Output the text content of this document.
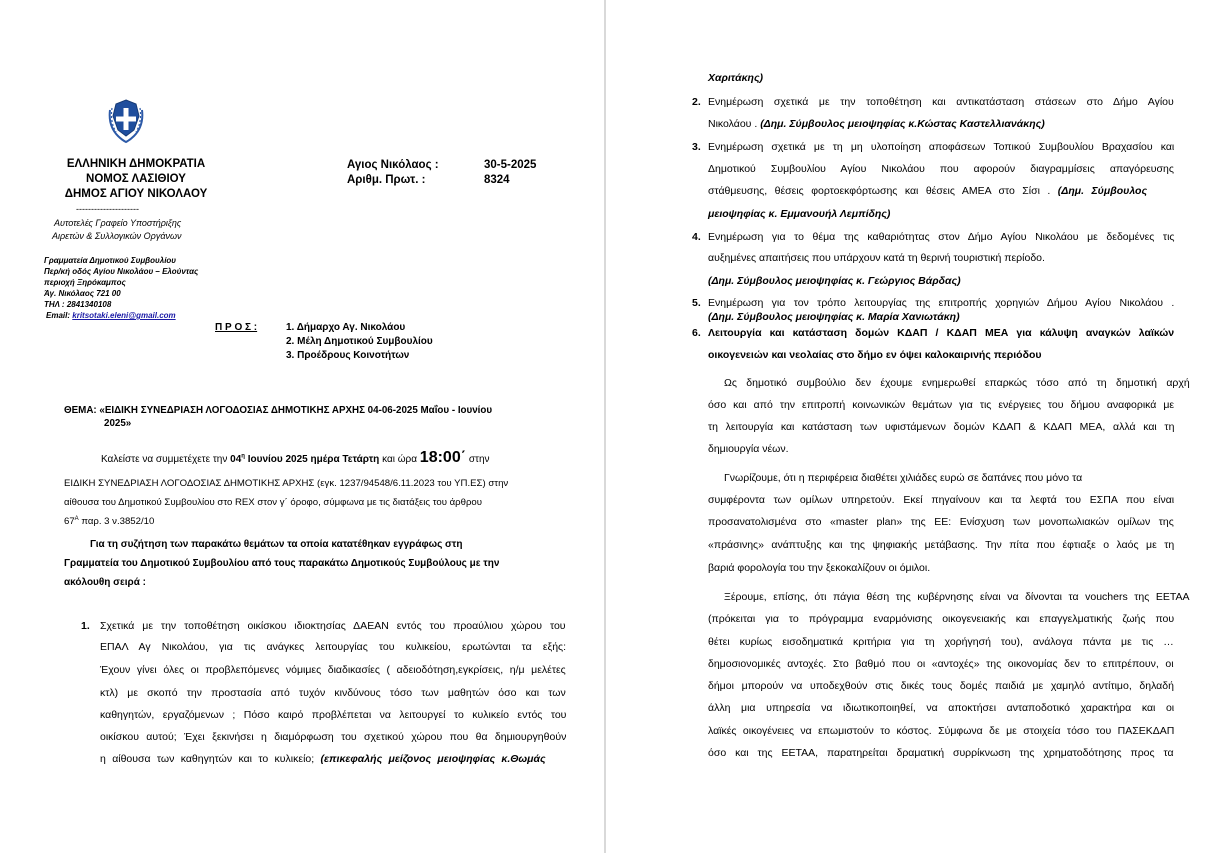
ΕΛΛΗΝΙΚΗ ΔΗΜΟΚΡΑΤΙΑ
ΝΟΜΟΣ ΛΑΣΙΘΙΟΥ
ΔΗΜΟΣ ΑΓΙΟΥ ΝΙΚΟΛΑΟΥ
---------------------
Αυτοτελές Γραφείο Υποστήριξης
Αιρετών & Συλλογικών Οργάνων
Αγιος Νικόλαος :	30-5-2025
Αριθμ. Πρωτ. :	8324
Γραμματεία Δημοτικού Συμβουλίου
Περ/κή οδός Αγίου Νικολάου – Ελούντας
περιοχή Ξηρόκαμπος
Άγ. Νικόλαος 721 00
ΤΗΛ : 2841340108
Email: kritsotaki.eleni@gmail.com
Π Ρ Ο Σ :	1. Δήμαρχο Αγ. Νικολάου
2. Μέλη Δημοτικού Συμβουλίου
3. Προέδρους Κοινοτήτων
ΘΕΜΑ: «ΕΙΔΙΚΗ ΣΥΝΕΔΡΙΑΣΗ ΛΟΓΟΔΟΣΙΑΣ ΔΗΜΟΤΙΚΗΣ ΑΡΧΗΣ 04-06-2025 Μαΐου - Ιουνίου
2025»
Καλείστε να συμμετέχετε την $04^\eta$ Ιουνίου 2025 ημέρα Τετάρτη και ώρα 18:00΄ στην
ΕΙΔΙΚΗ ΣΥΝΕΔΡΙΑΣΗ ΛΟΓΟΔΟΣΙΑΣ ΔΗΜΟΤΙΚΗΣ ΑΡΧΗΣ (εγκ. 1237/94548/6.11.2023 του ΥΠ.ΕΣ) στην
αίθουσα του Δημοτικού Συμβουλίου στο REX στον γ΄ όροφο, σύμφωνα με τις διατάξεις του άρθρου
$67^A$ παρ. 3 ν.3852/10
Για τη συζήτηση των παρακάτω θεμάτων τα οποία κατατέθηκαν εγγράφως στη
Γραμματεία του Δημοτικού Συμβουλίου από τους παρακάτω Δημοτικούς Συμβούλους με την
ακόλουθη σειρά :
1. Σχετικά με την τοποθέτηση οικίσκου ιδιοκτησίας ΔΑΕΑΝ εντός του προαύλιου χώρου του
ΕΠΑΛ Αγ Νικολάου, για τις ανάγκες λειτουργίας του κυλικείου, ερωτώνται τα εξής:
Έχουν γίνει όλες οι προβλεπόμενες νόμιμες διαδικασίες ( αδειοδότηση,εγκρίσεις, η/μ μελέτες
κτλ) με σκοπό την προστασία από τυχόν κινδύνους τόσο των μαθητών όσο και των
καθηγητών, εργαζόμενων ; Πόσο καιρό προβλέπεται να λειτουργεί το κυλικείο εντός του
οικίσκου αυτού; Έχει ξεκινήσει η διαμόρφωση του σχετικού χώρου που θα δημιουργηθούν
η αίθουσα των καθηγητών και το κυλικείο; (επικεφαλής μείζονος μειοψηφίας κ.Θωμάς
Χαριτάκης)
2. Ενημέρωση σχετικά με την τοποθέτηση και αντικατάσταση στάσεων στο Δήμο Αγίου
Νικολάου . (Δημ. Σύμβουλος μειοψηφίας κ.Κώστας Καστελλιανάκης)
3. Ενημέρωση σχετικά με τη μη υλοποίηση αποφάσεων Τοπικού Συμβουλίου Βραχασίου και
Δημοτικού Συμβουλίου Αγίου Νικολάου που αφορούν διαγραμμίσεις απαγόρευσης
στάθμευσης, θέσεις φορτοεκφόρτωσης και θέσεις ΑΜΕΑ στο Σίσι . (Δημ. Σύμβουλος
μειοψηφίας κ. Εμμανουήλ Λεμπίδης)
4. Ενημέρωση για το θέμα της καθαριότητας στον Δήμο Αγίου Νικολάου με δεδομένες τις
αυξημένες απαιτήσεις που υπάρχουν κατά τη θερινή τουριστική περίοδο.
(Δημ. Σύμβουλος μειοψηφίας κ. Γεώργιος Βάρδας)
5. Ενημέρωση για τον τρόπο λειτουργίας της επιτροπής χορηγιών Δήμου Αγίου Νικολάου .
(Δημ. Σύμβουλος μειοψηφίας κ. Μαρία Χανιωτάκη)
6. Λειτουργία και κατάσταση δομών ΚΔΑΠ / ΚΔΑΠ ΜΕΑ για κάλυψη αναγκών λαϊκών
οικογενειών και νεολαίας στο δήμο εν όψει καλοκαιρινής περιόδου
Ως δημοτικό συμβούλιο δεν έχουμε ενημερωθεί επαρκώς τόσο από τη δημοτική αρχή
όσο και από την επιτροπή κοινωνικών θεμάτων για τις ενέργειες του δήμου αναφορικά με
τη λειτουργία και κατάσταση των υφιστάμενων δομών ΚΔΑΠ & ΚΔΑΠ ΜΕΑ, αλλά και τη
δημιουργία νέων.
Γνωρίζουμε, ότι η περιφέρεια διαθέτει χιλιάδες ευρώ σε δαπάνες που μόνο τα
συμφέροντα των ομίλων υπηρετούν. Εκεί πηγαίνουν και τα λεφτά του ΕΣΠΑ που είναι
προσανατολισμένα στο «master plan» της ΕΕ: Ενίσχυση των μονοπωλιακών ομίλων της
«πράσινης» ανάπτυξης και της ψηφιακής μετάβασης. Την πίτα που έφτιαξε ο λαός με τη
βαριά φορολογία του την ξεκοκαλίζουν οι όμιλοι.
Ξέρουμε, επίσης, ότι πάγια θέση της κυβέρνησης είναι να δίνονται τα vouchers της ΕΕΤΑΑ
(πρόκειται για το πρόγραμμα εναρμόνισης οικογενειακής και επαγγελματικής ζωής που
θέτει κυρίως εισοδηματικά κριτήρια για τη χορήγησή του), ανάλογα πάντα με τις …
δημοσιονομικές αντοχές. Στο βαθμό που οι «αντοχές» της οικονομίας δεν το επιτρέπουν, οι
δήμοι μπορούν να υποδεχθούν στις δικές τους δομές παιδιά με χαμηλό αντίτιμο, δηλαδή
άλλη μια υπηρεσία να ιδιωτικοποιηθεί, να αποκτήσει ανταποδοτικό χαρακτήρα και οι
λαϊκές οικογένειες να επωμιστούν το κόστος. Σύμφωνα δε με στοιχεία τόσο του ΠΑΣΕΚΔΑΠ
όσο και της ΕΕΤΑΑ, παρατηρείται δραματική συρρίκνωση της χρηματοδότησης προς τα
